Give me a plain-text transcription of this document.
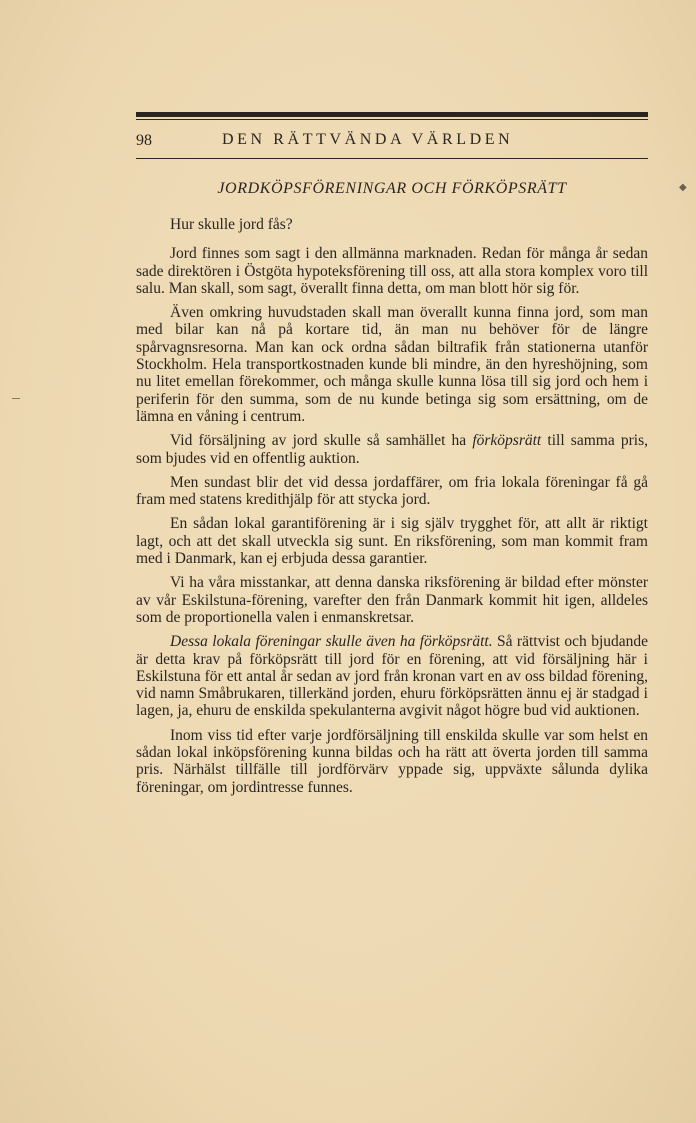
98	DEN RÄTTVÄNDA VÄRLDEN
JORDKÖPSFÖRENINGAR OCH FÖRKÖPSRÄTT

Hur skulle jord fås?

Jord finnes som sagt i den allmänna marknaden. Redan för många år sedan sade direktören i Östgöta hypoteksförening till oss, att alla stora komplex voro till salu. Man skall, som sagt, överallt finna detta, om man blott hör sig för.

Även omkring huvudstaden skall man överallt kunna finna jord, som man med bilar kan nå på kortare tid, än man nu behöver för de längre spårvagnsresorna. Man kan ock ordna sådan biltrafik från stationerna utanför Stockholm. Hela transportkostnaden kunde bli mindre, än den hyreshöjning, som nu litet emellan förekommer, och många skulle kunna lösa till sig jord och hem i periferin för den summa, som de nu kunde betinga sig som ersättning, om de lämna en våning i centrum.

Vid försäljning av jord skulle så samhället ha förköpsrätt till samma pris, som bjudes vid en offentlig auktion.

Men sundast blir det vid dessa jordaffärer, om fria lokala föreningar få gå fram med statens kredithjälp för att stycka jord.

En sådan lokal garantiförening är i sig själv trygghet för, att allt är riktigt lagt, och att det skall utveckla sig sunt. En riksförening, som man kommit fram med i Danmark, kan ej erbjuda dessa garantier.

Vi ha våra misstankar, att denna danska riksförening är bildad efter mönster av vår Eskilstuna-förening, varefter den från Danmark kommit hit igen, alldeles som de proportionella valen i enmanskretsar.

Dessa lokala föreningar skulle även ha förköpsrätt. Så rättvist och bjudande är detta krav på förköpsrätt till jord för en förening, att vid försäljning här i Eskilstuna för ett antal år sedan av jord från kronan vart en av oss bildad förening, vid namn Småbrukaren, tillerkänd jorden, ehuru förköpsrätten ännu ej är stadgad i lagen, ja, ehuru de enskilda spekulanterna avgivit något högre bud vid auktionen.

Inom viss tid efter varje jordförsäljning till enskilda skulle var som helst en sådan lokal inköpsförening kunna bildas och ha rätt att överta jorden till samma pris. Närhälst tillfälle till jordförvärv yppade sig, uppväxte sålunda dylika föreningar, om jordintresse funnes.

◆
